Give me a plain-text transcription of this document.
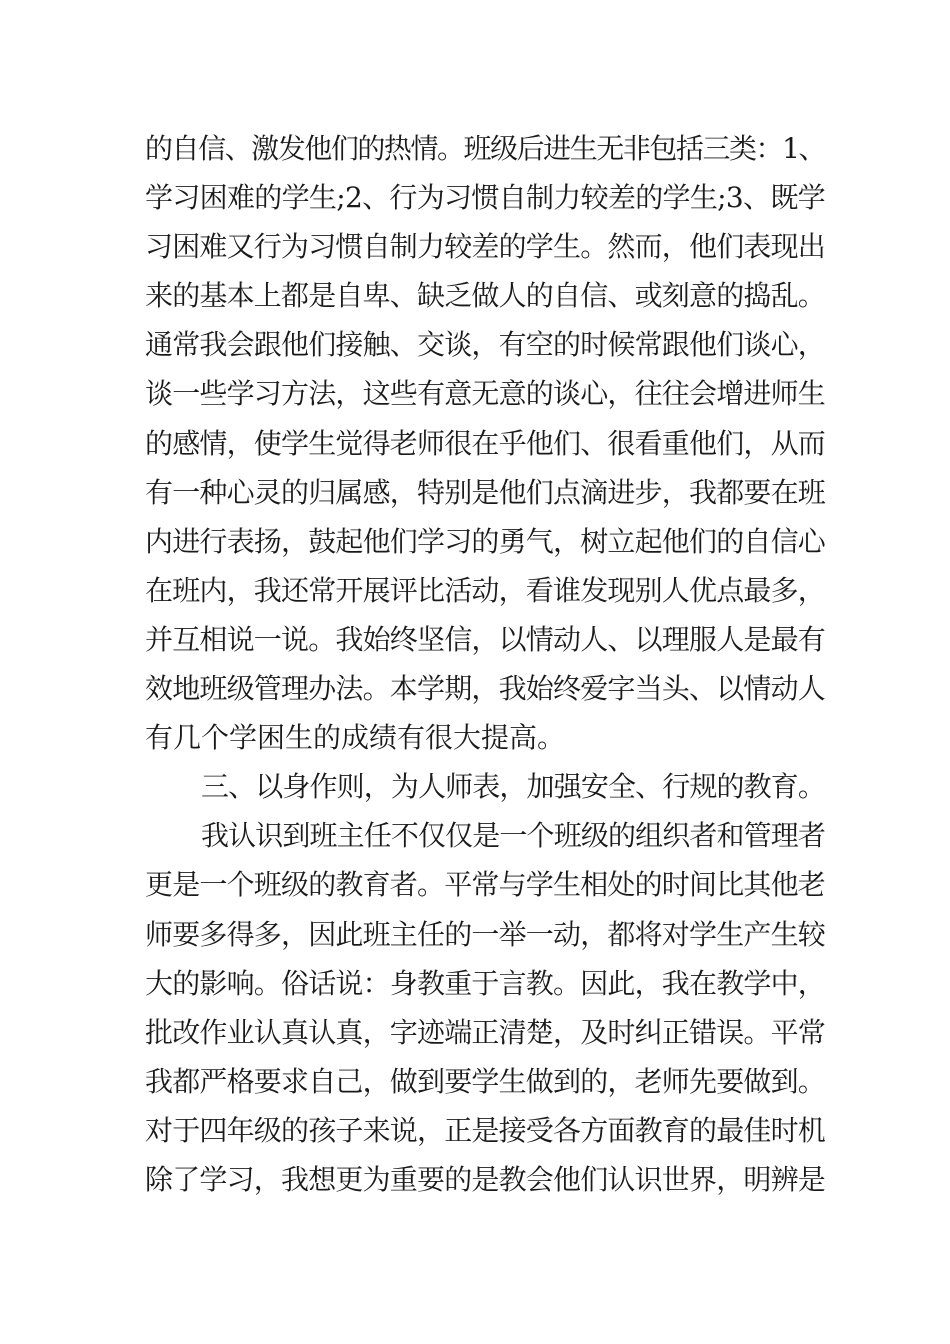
的自信、激发他们的热情。班级后进生无非包括三类：1、
学习困难的学生;2、行为习惯自制力较差的学生;3、既学
习困难又行为习惯自制力较差的学生。然而，他们表现出
来的基本上都是自卑、缺乏做人的自信、或刻意的捣乱。
通常我会跟他们接触、交谈，有空的时候常跟他们谈心，
谈一些学习方法，这些有意无意的谈心，往往会增进师生
的感情，使学生觉得老师很在乎他们、很看重他们，从而
有一种心灵的归属感，特别是他们点滴进步，我都要在班
内进行表扬，鼓起他们学习的勇气，树立起他们的自信心
在班内，我还常开展评比活动，看谁发现别人优点最多，
并互相说一说。我始终坚信，以情动人、以理服人是最有
效地班级管理办法。本学期，我始终爱字当头、以情动人
有几个学困生的成绩有很大提高。
三、以身作则，为人师表，加强安全、行规的教育。
我认识到班主任不仅仅是一个班级的组织者和管理者
更是一个班级的教育者。平常与学生相处的时间比其他老
师要多得多，因此班主任的一举一动，都将对学生产生较
大的影响。俗话说：身教重于言教。因此，我在教学中，
批改作业认真认真，字迹端正清楚，及时纠正错误。平常
我都严格要求自己，做到要学生做到的，老师先要做到。
对于四年级的孩子来说，正是接受各方面教育的最佳时机
除了学习，我想更为重要的是教会他们认识世界，明辨是
